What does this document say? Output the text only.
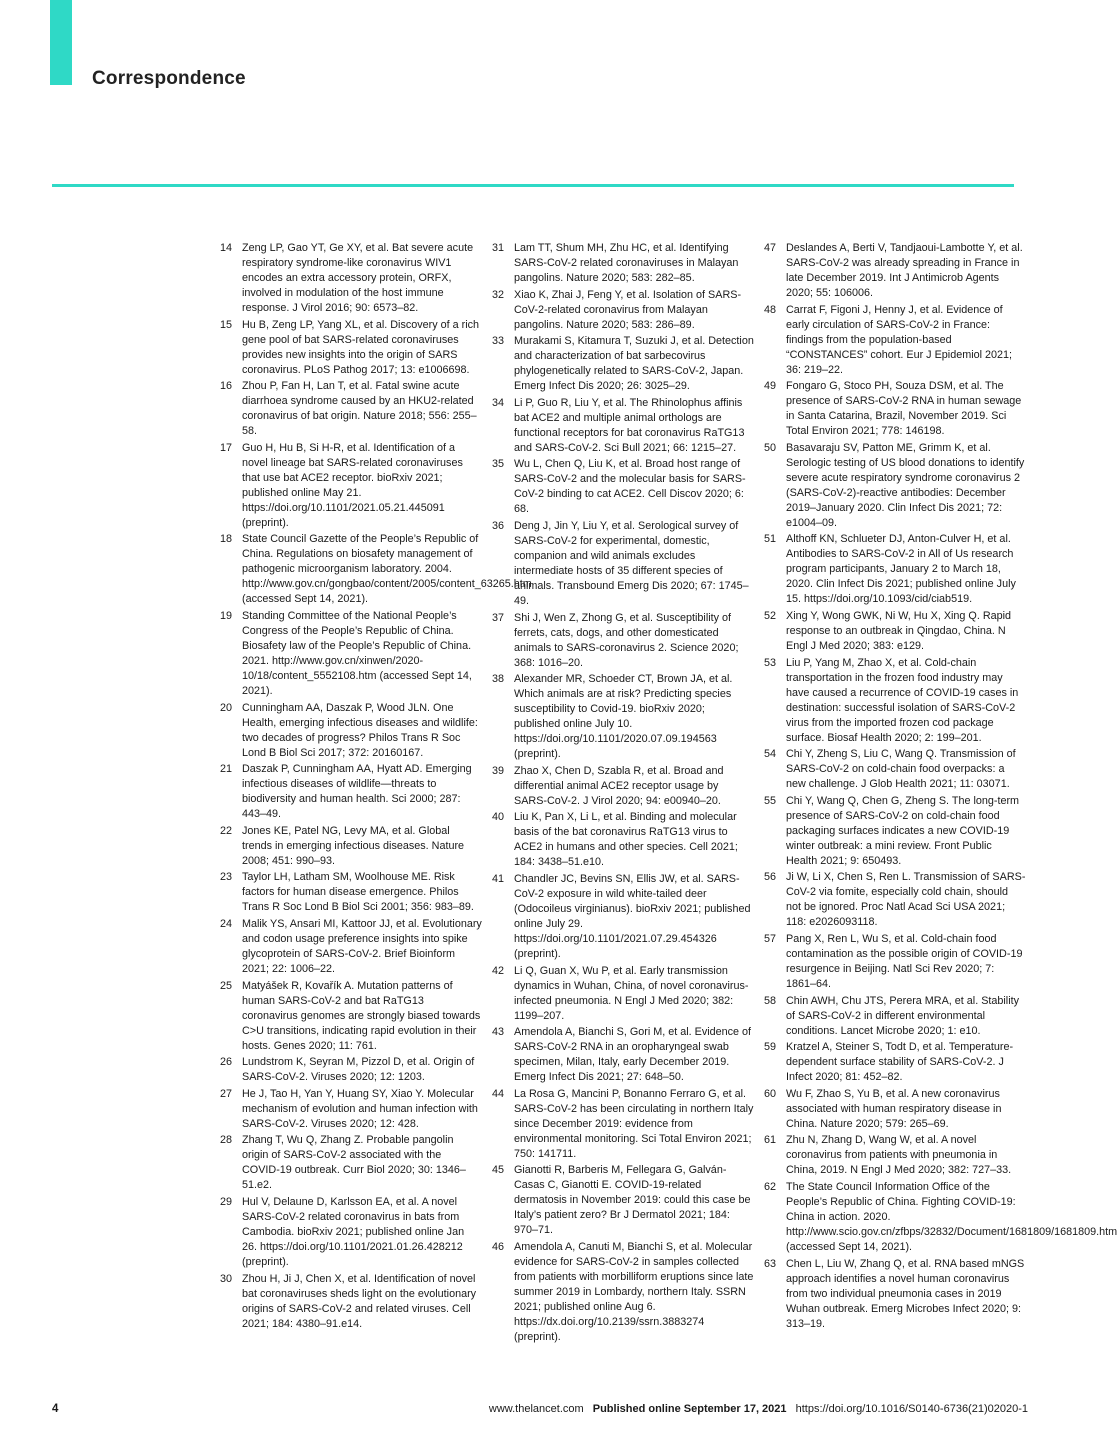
Correspondence
14 Zeng LP, Gao YT, Ge XY, et al. Bat severe acute respiratory syndrome-like coronavirus WIV1 encodes an extra accessory protein, ORFX, involved in modulation of the host immune response. J Virol 2016; 90: 6573–82.
15 Hu B, Zeng LP, Yang XL, et al. Discovery of a rich gene pool of bat SARS-related coronaviruses provides new insights into the origin of SARS coronavirus. PLoS Pathog 2017; 13: e1006698.
16 Zhou P, Fan H, Lan T, et al. Fatal swine acute diarrhoea syndrome caused by an HKU2-related coronavirus of bat origin. Nature 2018; 556: 255–58.
17 Guo H, Hu B, Si H-R, et al. Identification of a novel lineage bat SARS-related coronaviruses that use bat ACE2 receptor. bioRxiv 2021; published online May 21. https://doi.org/10.1101/2021.05.21.445091 (preprint).
18 State Council Gazette of the People’s Republic of China. Regulations on biosafety management of pathogenic microorganism laboratory. 2004. http://www.gov.cn/gongbao/content/2005/content_63265.htm (accessed Sept 14, 2021).
19 Standing Committee of the National People’s Congress of the People’s Republic of China. Biosafety law of the People’s Republic of China. 2021. http://www.gov.cn/xinwen/2020-10/18/content_5552108.htm (accessed Sept 14, 2021).
20 Cunningham AA, Daszak P, Wood JLN. One Health, emerging infectious diseases and wildlife: two decades of progress? Philos Trans R Soc Lond B Biol Sci 2017; 372: 20160167.
21 Daszak P, Cunningham AA, Hyatt AD. Emerging infectious diseases of wildlife—threats to biodiversity and human health. Sci 2000; 287: 443–49.
22 Jones KE, Patel NG, Levy MA, et al. Global trends in emerging infectious diseases. Nature 2008; 451: 990–93.
23 Taylor LH, Latham SM, Woolhouse ME. Risk factors for human disease emergence. Philos Trans R Soc Lond B Biol Sci 2001; 356: 983–89.
24 Malik YS, Ansari MI, Kattoor JJ, et al. Evolutionary and codon usage preference insights into spike glycoprotein of SARS-CoV-2. Brief Bioinform 2021; 22: 1006–22.
25 Matyášek R, Kovařík A. Mutation patterns of human SARS-CoV-2 and bat RaTG13 coronavirus genomes are strongly biased towards C>U transitions, indicating rapid evolution in their hosts. Genes 2020; 11: 761.
26 Lundstrom K, Seyran M, Pizzol D, et al. Origin of SARS-CoV-2. Viruses 2020; 12: 1203.
27 He J, Tao H, Yan Y, Huang SY, Xiao Y. Molecular mechanism of evolution and human infection with SARS-CoV-2. Viruses 2020; 12: 428.
28 Zhang T, Wu Q, Zhang Z. Probable pangolin origin of SARS-CoV-2 associated with the COVID-19 outbreak. Curr Biol 2020; 30: 1346–51.e2.
29 Hul V, Delaune D, Karlsson EA, et al. A novel SARS-CoV-2 related coronavirus in bats from Cambodia. bioRxiv 2021; published online Jan 26. https://doi.org/10.1101/2021.01.26.428212 (preprint).
30 Zhou H, Ji J, Chen X, et al. Identification of novel bat coronaviruses sheds light on the evolutionary origins of SARS-CoV-2 and related viruses. Cell 2021; 184: 4380–91.e14.
31 Lam TT, Shum MH, Zhu HC, et al. Identifying SARS-CoV-2 related coronaviruses in Malayan pangolins. Nature 2020; 583: 282–85.
32 Xiao K, Zhai J, Feng Y, et al. Isolation of SARS-CoV-2-related coronavirus from Malayan pangolins. Nature 2020; 583: 286–89.
33 Murakami S, Kitamura T, Suzuki J, et al. Detection and characterization of bat sarbecovirus phylogenetically related to SARS-CoV-2, Japan. Emerg Infect Dis 2020; 26: 3025–29.
34 Li P, Guo R, Liu Y, et al. The Rhinolophus affinis bat ACE2 and multiple animal orthologs are functional receptors for bat coronavirus RaTG13 and SARS-CoV-2. Sci Bull 2021; 66: 1215–27.
35 Wu L, Chen Q, Liu K, et al. Broad host range of SARS-CoV-2 and the molecular basis for SARS-CoV-2 binding to cat ACE2. Cell Discov 2020; 6: 68.
36 Deng J, Jin Y, Liu Y, et al. Serological survey of SARS-CoV-2 for experimental, domestic, companion and wild animals excludes intermediate hosts of 35 different species of animals. Transbound Emerg Dis 2020; 67: 1745–49.
37 Shi J, Wen Z, Zhong G, et al. Susceptibility of ferrets, cats, dogs, and other domesticated animals to SARS-coronavirus 2. Science 2020; 368: 1016–20.
38 Alexander MR, Schoeder CT, Brown JA, et al. Which animals are at risk? Predicting species susceptibility to Covid-19. bioRxiv 2020; published online July 10. https://doi.org/10.1101/2020.07.09.194563 (preprint).
39 Zhao X, Chen D, Szabla R, et al. Broad and differential animal ACE2 receptor usage by SARS-CoV-2. J Virol 2020; 94: e00940–20.
40 Liu K, Pan X, Li L, et al. Binding and molecular basis of the bat coronavirus RaTG13 virus to ACE2 in humans and other species. Cell 2021; 184: 3438–51.e10.
41 Chandler JC, Bevins SN, Ellis JW, et al. SARS-CoV-2 exposure in wild white-tailed deer (Odocoileus virginianus). bioRxiv 2021; published online July 29. https://doi.org/10.1101/2021.07.29.454326 (preprint).
42 Li Q, Guan X, Wu P, et al. Early transmission dynamics in Wuhan, China, of novel coronavirus-infected pneumonia. N Engl J Med 2020; 382: 1199–207.
43 Amendola A, Bianchi S, Gori M, et al. Evidence of SARS-CoV-2 RNA in an oropharyngeal swab specimen, Milan, Italy, early December 2019. Emerg Infect Dis 2021; 27: 648–50.
44 La Rosa G, Mancini P, Bonanno Ferraro G, et al. SARS-CoV-2 has been circulating in northern Italy since December 2019: evidence from environmental monitoring. Sci Total Environ 2021; 750: 141711.
45 Gianotti R, Barberis M, Fellegara G, Galván-Casas C, Gianotti E. COVID-19-related dermatosis in November 2019: could this case be Italy’s patient zero? Br J Dermatol 2021; 184: 970–71.
46 Amendola A, Canuti M, Bianchi S, et al. Molecular evidence for SARS-CoV-2 in samples collected from patients with morbilliform eruptions since late summer 2019 in Lombardy, northern Italy. SSRN 2021; published online Aug 6. https://dx.doi.org/10.2139/ssrn.3883274 (preprint).
47 Deslandes A, Berti V, Tandjaoui-Lambotte Y, et al. SARS-CoV-2 was already spreading in France in late December 2019. Int J Antimicrob Agents 2020; 55: 106006.
48 Carrat F, Figoni J, Henny J, et al. Evidence of early circulation of SARS-CoV-2 in France: findings from the population-based “CONSTANCES” cohort. Eur J Epidemiol 2021; 36: 219–22.
49 Fongaro G, Stoco PH, Souza DSM, et al. The presence of SARS-CoV-2 RNA in human sewage in Santa Catarina, Brazil, November 2019. Sci Total Environ 2021; 778: 146198.
50 Basavaraju SV, Patton ME, Grimm K, et al. Serologic testing of US blood donations to identify severe acute respiratory syndrome coronavirus 2 (SARS-CoV-2)-reactive antibodies: December 2019–January 2020. Clin Infect Dis 2021; 72: e1004–09.
51 Althoff KN, Schlueter DJ, Anton-Culver H, et al. Antibodies to SARS-CoV-2 in All of Us research program participants, January 2 to March 18, 2020. Clin Infect Dis 2021; published online July 15. https://doi.org/10.1093/cid/ciab519.
52 Xing Y, Wong GWK, Ni W, Hu X, Xing Q. Rapid response to an outbreak in Qingdao, China. N Engl J Med 2020; 383: e129.
53 Liu P, Yang M, Zhao X, et al. Cold-chain transportation in the frozen food industry may have caused a recurrence of COVID-19 cases in destination: successful isolation of SARS-CoV-2 virus from the imported frozen cod package surface. Biosaf Health 2020; 2: 199–201.
54 Chi Y, Zheng S, Liu C, Wang Q. Transmission of SARS-CoV-2 on cold-chain food overpacks: a new challenge. J Glob Health 2021; 11: 03071.
55 Chi Y, Wang Q, Chen G, Zheng S. The long-term presence of SARS-CoV-2 on cold-chain food packaging surfaces indicates a new COVID-19 winter outbreak: a mini review. Front Public Health 2021; 9: 650493.
56 Ji W, Li X, Chen S, Ren L. Transmission of SARS-CoV-2 via fomite, especially cold chain, should not be ignored. Proc Natl Acad Sci USA 2021; 118: e2026093118.
57 Pang X, Ren L, Wu S, et al. Cold-chain food contamination as the possible origin of COVID-19 resurgence in Beijing. Natl Sci Rev 2020; 7: 1861–64.
58 Chin AWH, Chu JTS, Perera MRA, et al. Stability of SARS-CoV-2 in different environmental conditions. Lancet Microbe 2020; 1: e10.
59 Kratzel A, Steiner S, Todt D, et al. Temperature-dependent surface stability of SARS-CoV-2. J Infect 2020; 81: 452–82.
60 Wu F, Zhao S, Yu B, et al. A new coronavirus associated with human respiratory disease in China. Nature 2020; 579: 265–69.
61 Zhu N, Zhang D, Wang W, et al. A novel coronavirus from patients with pneumonia in China, 2019. N Engl J Med 2020; 382: 727–33.
62 The State Council Information Office of the People’s Republic of China. Fighting COVID-19: China in action. 2020. http://www.scio.gov.cn/zfbps/32832/Document/1681809/1681809.htm (accessed Sept 14, 2021).
63 Chen L, Liu W, Zhang Q, et al. RNA based mNGS approach identifies a novel human coronavirus from two individual pneumonia cases in 2019 Wuhan outbreak. Emerg Microbes Infect 2020; 9: 313–19.
4	www.thelancet.com Published online September 17, 2021 https://doi.org/10.1016/S0140-6736(21)02020-1
